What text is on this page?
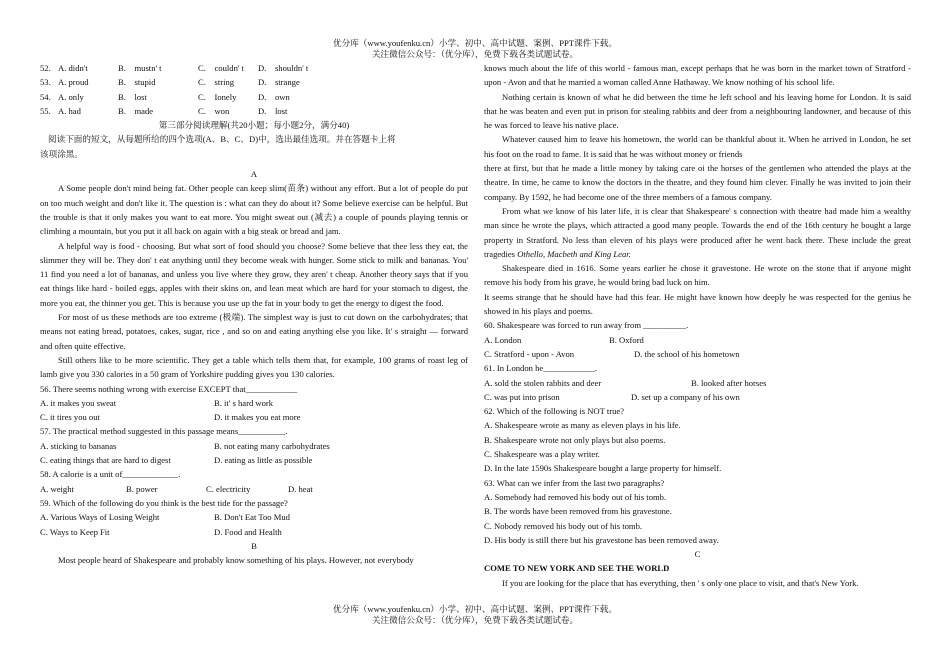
优分库（www.youfenku.cn）小学、初中、高中试题、案例、PPT课件下载。
关注微信公众号：（优分库），免费下载各类试题试卷。
52. A. didn't	B.　mustn' t	C.　couldn' t	D.　shouldn' t
53. A. proud	B.　stupid	C.　string	D.　strange
54. A. only	B.　lost	C.　Ionely	D.　own
55. A. had	B.　made	C.　won	D.　lost
第三部分阅读理解(共20小题；每小题2分，满分40)
阅读下面的短文，从每题所给的四个选项(A、B、C、D)中，选出最佳选项。并在答题卡上将
该项涂黑。
A
A Some people don't mind being fat. Other people can keep slim(苗条) without any effort. But a lot of people do put on too much weight and don't like it. The question is : what can they do about it? Some believe exercise can be helpful. But the trouble is that it only makes you want to eat more. You might sweat out (减去) a couple of pounds playing tennis or climbing a mountain, but you put it all back on again with a big steak or bread and jam.
A helpful way is food - choosing. But what sort of food should you choose? Some believe that thee less they eat, the slimmer they will be. They don' t eat anything until they become weak with hunger. Some stick to milk and bananas. You' 11 find you need a lot of bananas, and unless you live where they grow, they aren' t cheap. Another theory says that if you eat things like hard - boiled eggs, apples with their skins on, and lean meat which are hard for your stomach to digest, the more you eat, the thinner you get. This is because you use up the fat in your body to get the energy to digest the food.
For most of us these methods are too extreme (极端). The simplest way is just to cut down on the carbohydrates; that means not eating bread, potatoes, cakes, sugar, rice , and so on and eating anything else you like. It' s straight — forward and often quite effective.
Still others like to be more scientific. They get a table which tells them that, for example, 100 grams of roast leg of lamb give you 330 calories in a 50 gram of Yorkshire pudding gives you 130 calories.
56. There seems nothing wrong with exercise EXCEPT that____________
A. it makes you sweat	B. it' s hard work
C. it tires you out	D. it makes you eat more
57. The practical method suggested in this passage means___________.
A. sticking to bananas	B. not eating many carbohydrates
C. eating things that are hard to digest	D. eating as little as possible
58. A calorie is a unit of_____________.
A. weight	B. power	C. electricity	D. heat
59. Which of the following do you think is the best tide for the passage?
A. Various Ways of Losing Weight	B. Don't Eat Too Mud
C. Ways to Keep Fit	D. Food and Health
B
Most people heard of Shakespeare and probably know something of his plays. However, not everybody
knows much about the life of this world - famous man, except perhaps that he was born in the market town of Stratford - upon - Avon and that he married a woman called Anne Hathaway. We know nothing of his school life.
Nothing certain is known of what he did between the time he left school and his leaving home for London. It is said that he was beaten and even put in prison for stealing rabbits and deer from a neighbouring landowner, and because of this he was forced to leave his native place.
Whatever caused him to leave his hometown, the world can be thankful about it. When he arrived in London, he set his foot on the road to fame. It is said that he was without money or friends
there at first, but that he made a little money by taking care oi the horses of the gentlemen who attended the plays at the theatre. In time, he came to know the doctors in the theatre, and they found him clever. Finally he was invited to join their company. By 1592, he had become one of the three members of a famous company.
From what we know of his later life, it is clear that Shakespeare' s connection with theatre had made him a wealthy man since he wrote the plays, which attracted a good many people. Towards the end of the 16th century he bought a large property in Stratford. No less than eleven of his plays were produced after he went back there. These include the great tragedies Othello, Macbeth and King Lear.
Shakespeare died in 1616. Some years earlier he chose it gravestone. He wrote on the stone that if anyone might remove his body from his grave, he would bring bad luck on him.
It seems strange that he should have had this fear. He might have known how deeply he was respected for the genius he showed in his plays and poems.
60. Shakespeare was forced to run away from __________.
A. London	B. Oxford
C. Stratford - upon - Avon	D. the school of his hometown
61. In London he____________.
A. sold the stolen rabbits and deer	B. looked after horses
C. was put into prison	D. set up a company of his own
62. Which of the following is NOT true?
A. Shakespeare wrote as many as eleven plays in his life.
B. Shakespeare wrote not only plays but also poems.
C. Shakespeare was a play writer.
D. In the late 1590s Shakespeare bought a large property for himself.
63. What can we infer from the last two paragraphs?
A. Somebody had removed his body out of his tomb.
B. The words have been removed from his gravestone.
C. Nobody removed his body out of his tomb.
D. His body is still there but his gravestone has been removed away.
C
COME TO NEW YORK AND SEE THE WORLD
If you are looking for the place that has everything, then ' s only one place to visit, and that's New York.
优分库（www.youfenku.cn）小学、初中、高中试题、案例、PPT课件下载。
关注微信公众号：（优分库），免费下载各类试题试卷。
